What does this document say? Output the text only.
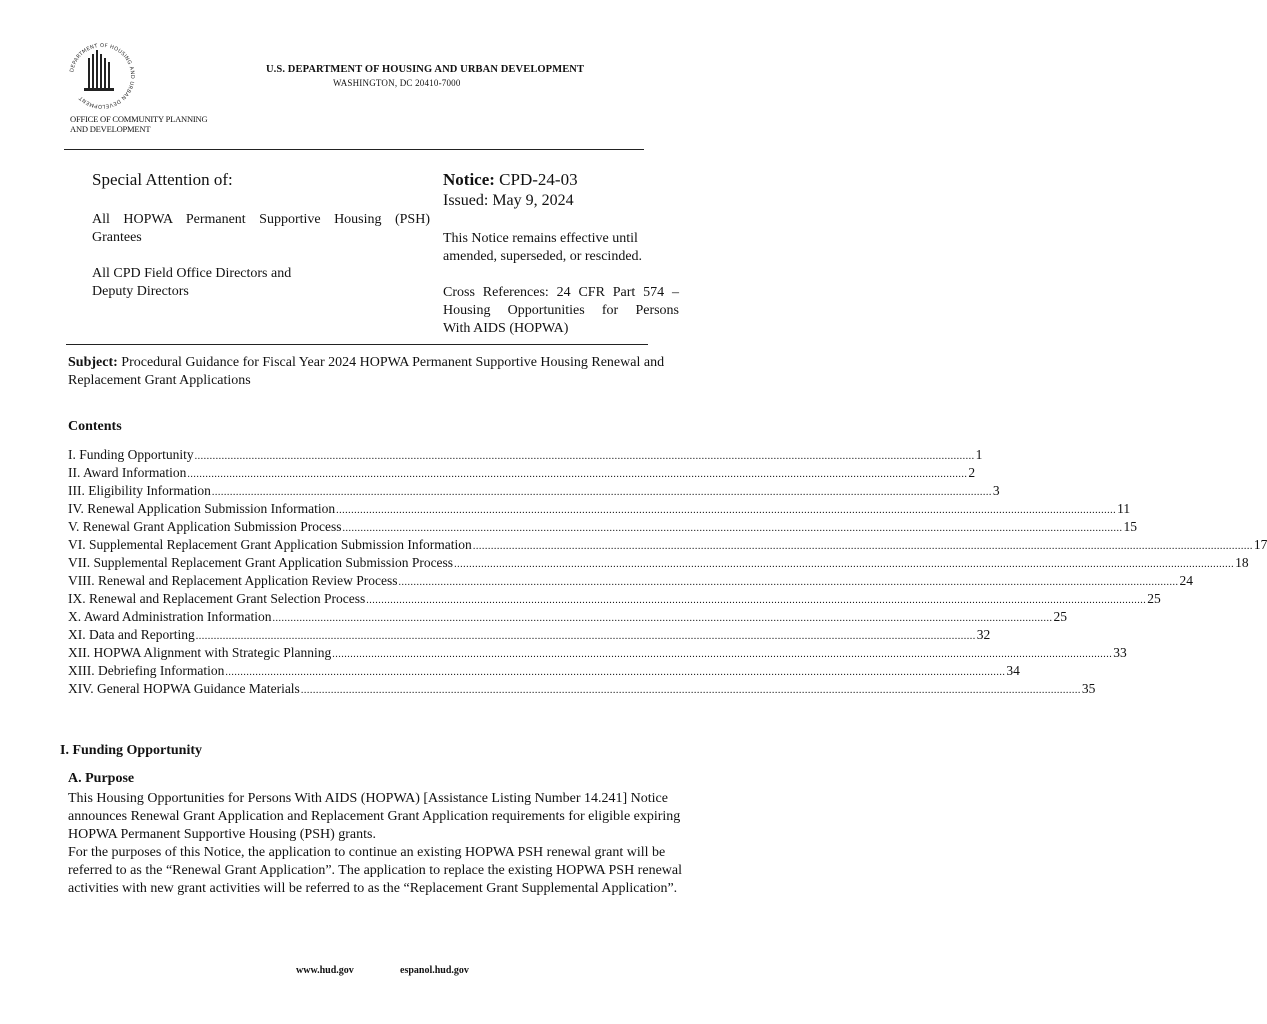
DEPARTMENT OF HOUSING AND URBAN DEVELOPMENT
OFFICE OF COMMUNITY PLANNING
AND DEVELOPMENT
U.S. DEPARTMENT OF HOUSING AND URBAN DEVELOPMENT
WASHINGTON, DC 20410-7000
Special Attention of:
All HOPWA Permanent Supportive Housing (PSH)
Grantees
All CPD Field Office Directors and
Deputy Directors
Notice: CPD-24-03
Issued: May 9, 2024
This Notice remains effective until
amended, superseded, or rescinded.
Cross References: 24 CFR Part 574 –
Housing Opportunities for Persons
With AIDS (HOPWA)
Subject: Procedural Guidance for Fiscal Year 2024 HOPWA Permanent Supportive Housing Renewal and Replacement Grant Applications
Contents
I. Funding Opportunity .................................................................................................................................................................................................................................................................... 1
II. Award Information .................................................................................................................................................................................................................................................................... 2
III. Eligibility Information .................................................................................................................................................................................................................................................................... 3
IV. Renewal Application Submission Information .................................................................................................................................................................................................................................................................... 11
V. Renewal Grant Application Submission Process .................................................................................................................................................................................................................................................................... 15
VI. Supplemental Replacement Grant Application Submission Information .................................................................................................................................................................................................................................................................... 17
VII. Supplemental Replacement Grant Application Submission Process .................................................................................................................................................................................................................................................................... 18
VIII. Renewal and Replacement Application Review Process .................................................................................................................................................................................................................................................................... 24
IX. Renewal and Replacement Grant Selection Process .................................................................................................................................................................................................................................................................... 25
X. Award Administration Information .................................................................................................................................................................................................................................................................... 25
XI. Data and Reporting .................................................................................................................................................................................................................................................................... 32
XII. HOPWA Alignment with Strategic Planning .................................................................................................................................................................................................................................................................... 33
XIII. Debriefing Information .................................................................................................................................................................................................................................................................... 34
XIV. General HOPWA Guidance Materials .................................................................................................................................................................................................................................................................... 35
I. Funding Opportunity
A. Purpose
This Housing Opportunities for Persons With AIDS (HOPWA) [Assistance Listing Number 14.241] Notice announces Renewal Grant Application and Replacement Grant Application requirements for eligible expiring HOPWA Permanent Supportive Housing (PSH) grants.
For the purposes of this Notice, the application to continue an existing HOPWA PSH renewal grant will be referred to as the “Renewal Grant Application”. The application to replace the existing HOPWA PSH renewal activities with new grant activities will be referred to as the “Replacement Grant Supplemental Application”.
www.hud.gov	espanol.hud.gov
